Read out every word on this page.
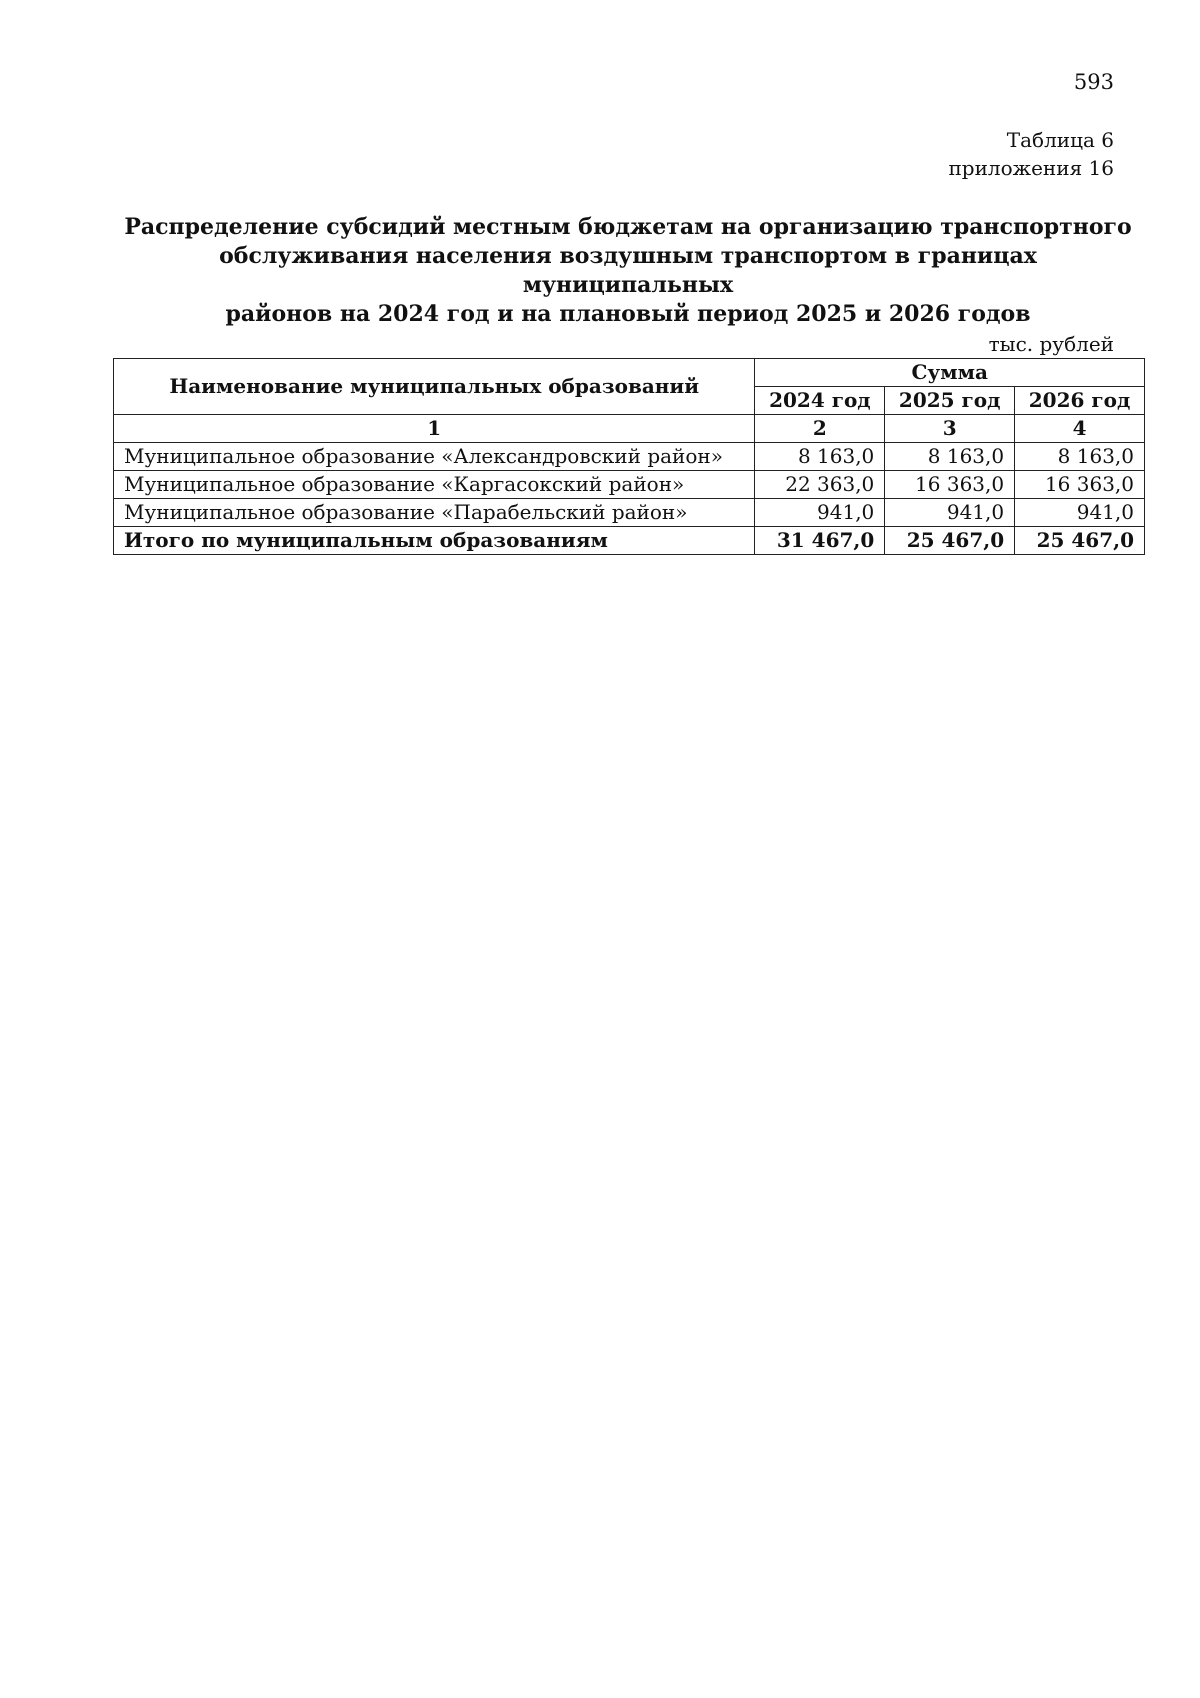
593
Таблица 6
приложения 16
Распределение субсидий местным бюджетам на организацию транспортного
обслуживания населения воздушным транспортом в границах муниципальных
районов на 2024 год и на плановый период 2025 и 2026 годов
тыс. рублей
Наименование муниципальных образований	Сумма		
	2024 год	2025 год	2026 год
1	2	3	4
Муниципальное образование «Александровский район»	8 163,0	8 163,0	8 163,0
Муниципальное образование «Каргасокский район»	22 363,0	16 363,0	16 363,0
Муниципальное образование «Парабельский район»	941,0	941,0	941,0
Итого по муниципальным образованиям	31 467,0	25 467,0	25 467,0
